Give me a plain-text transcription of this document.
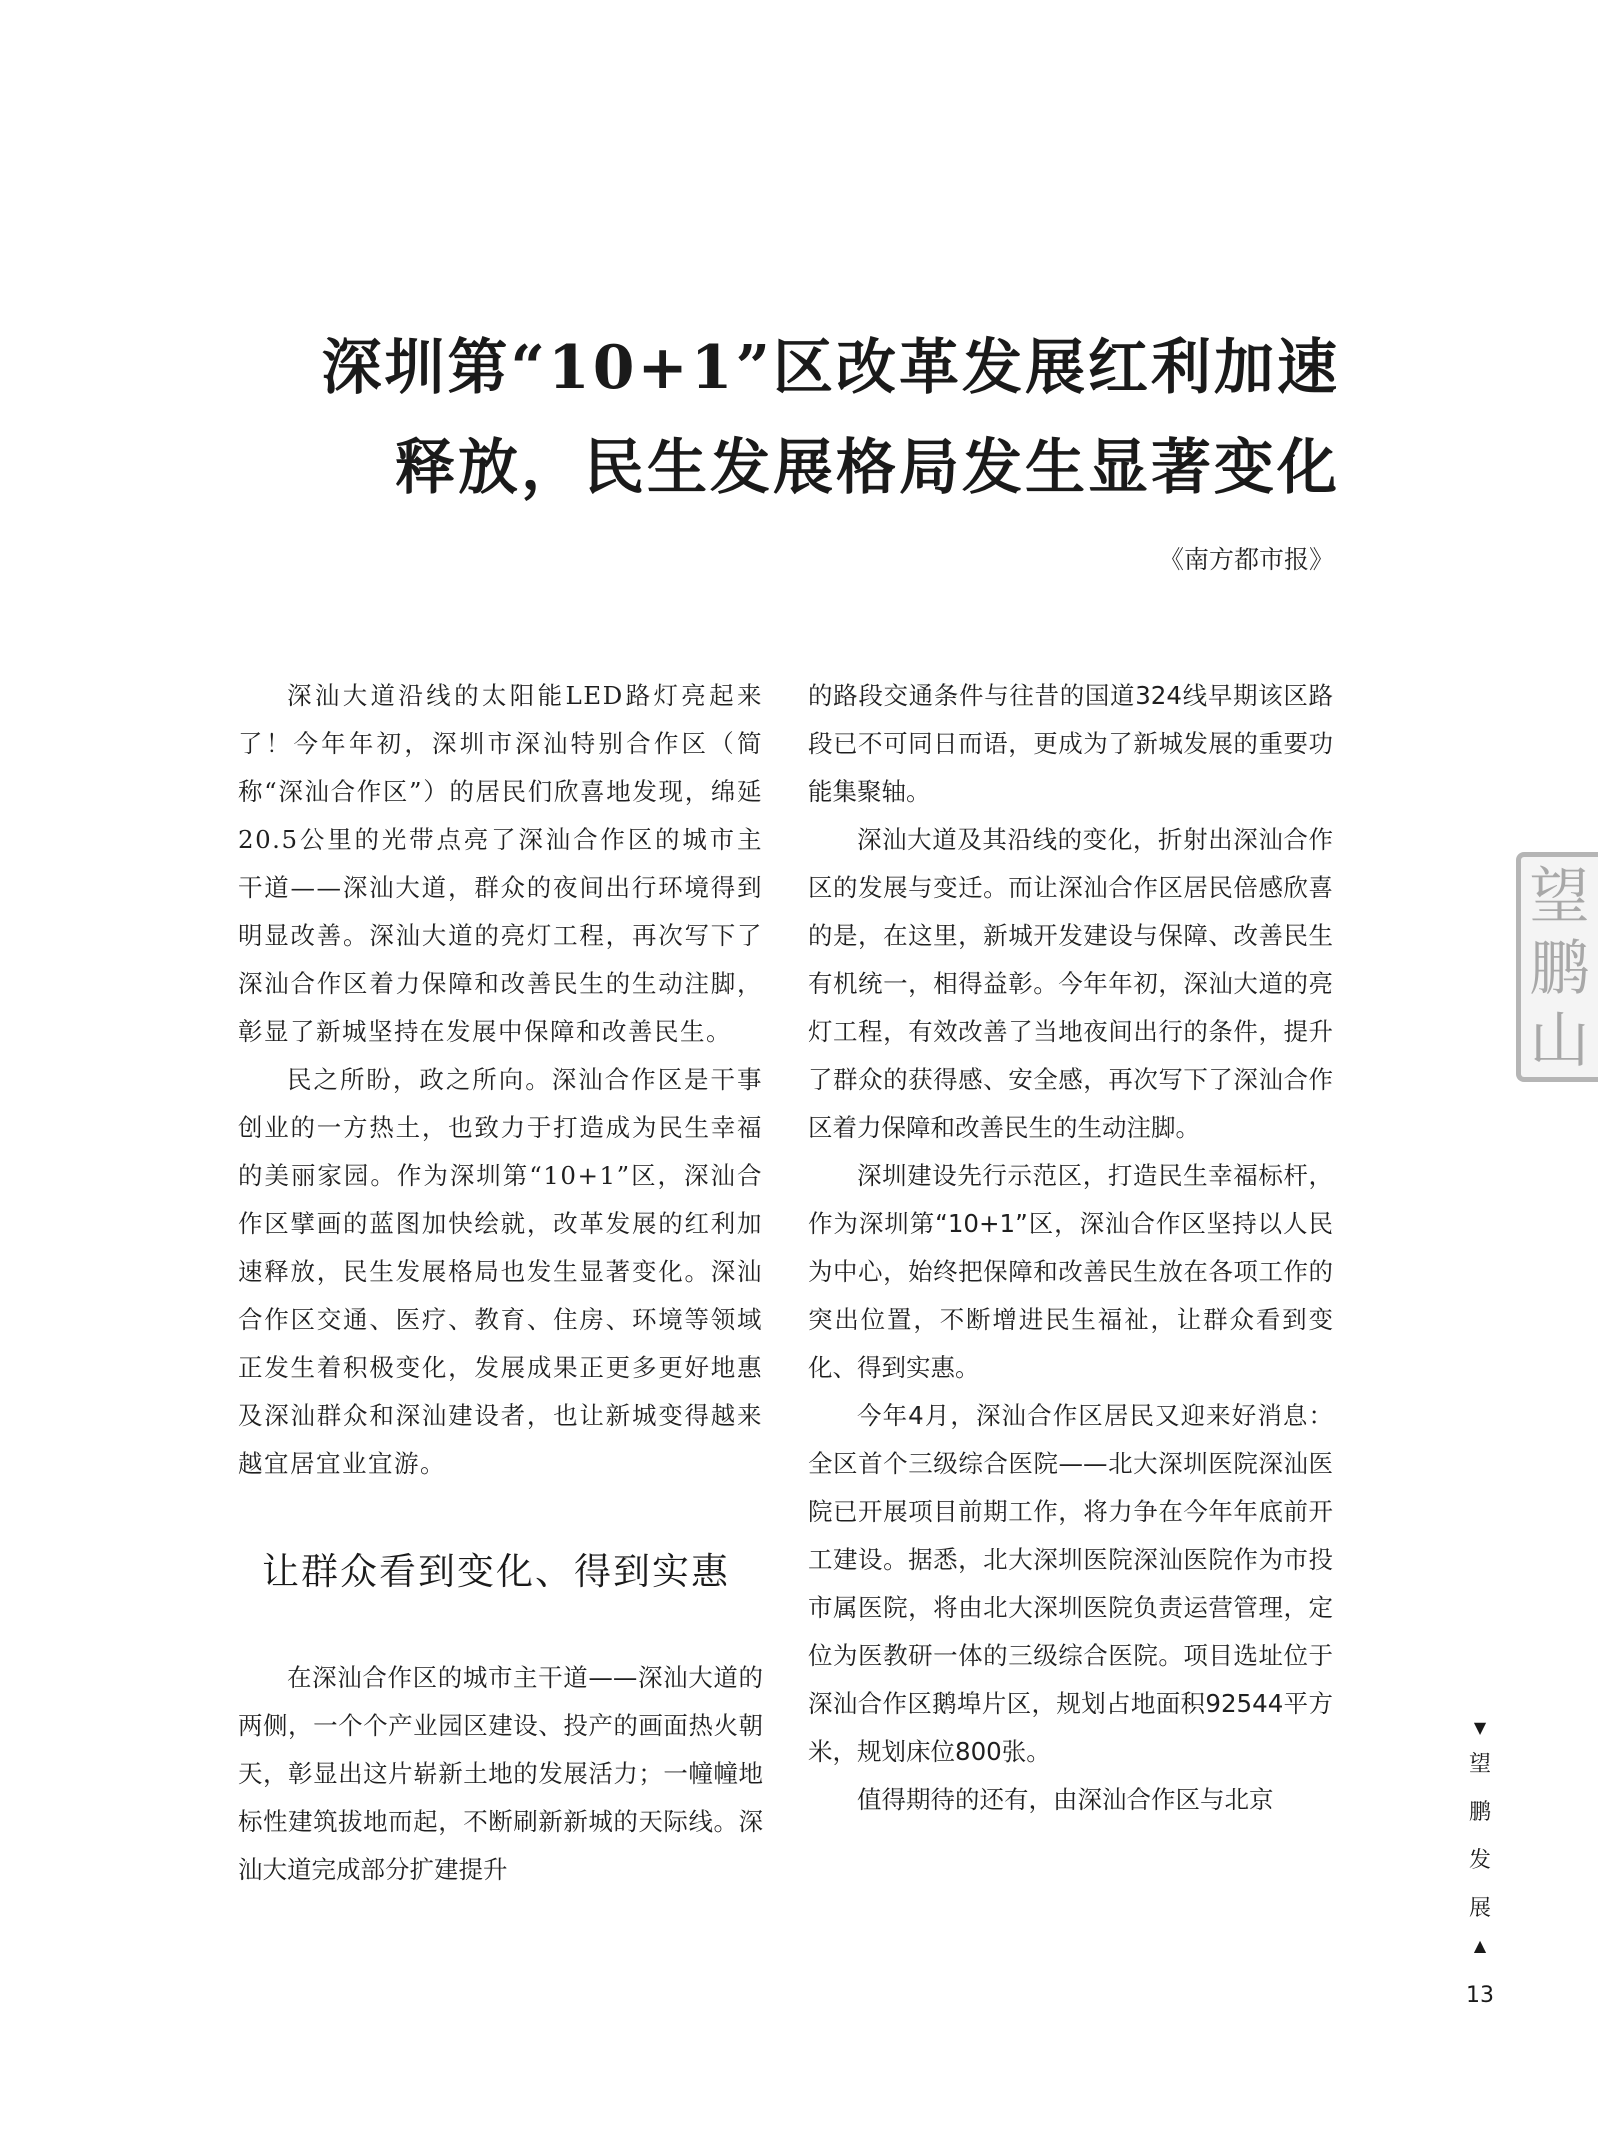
深圳第“10+1”区改革发展红利加速
释放，民生发展格局发生显著变化
《南方都市报》

深汕大道沿线的太阳能LED路灯亮起来了！今年年初，深圳市深汕特别合作区（简称“深汕合作区”）的居民们欣喜地发现，绵延20.5公里的光带点亮了深汕合作区的城市主干道——深汕大道，群众的夜间出行环境得到明显改善。深汕大道的亮灯工程，再次写下了深汕合作区着力保障和改善民生的生动注脚，彰显了新城坚持在发展中保障和改善民生。

民之所盼，政之所向。深汕合作区是干事创业的一方热土，也致力于打造成为民生幸福的美丽家园。作为深圳第“10+1”区，深汕合作区擘画的蓝图加快绘就，改革发展的红利加速释放，民生发展格局也发生显著变化。深汕合作区交通、医疗、教育、住房、环境等领域正发生着积极变化，发展成果正更多更好地惠及深汕群众和深汕建设者，也让新城变得越来越宜居宜业宜游。

让群众看到变化、得到实惠

在深汕合作区的城市主干道——深汕大道的两侧，一个个产业园区建设、投产的画面热火朝天，彰显出这片崭新土地的发展活力；一幢幢地标性建筑拔地而起，不断刷新新城的天际线。深汕大道完成部分扩建提升

的路段交通条件与往昔的国道324线早期该区路段已不可同日而语，更成为了新城发展的重要功能集聚轴。

深汕大道及其沿线的变化，折射出深汕合作区的发展与变迁。而让深汕合作区居民倍感欣喜的是，在这里，新城开发建设与保障、改善民生有机统一，相得益彰。今年年初，深汕大道的亮灯工程，有效改善了当地夜间出行的条件，提升了群众的获得感、安全感，再次写下了深汕合作区着力保障和改善民生的生动注脚。

深圳建设先行示范区，打造民生幸福标杆，作为深圳第“10+1”区，深汕合作区坚持以人民为中心，始终把保障和改善民生放在各项工作的突出位置，不断增进民生福祉，让群众看到变化、得到实惠。

今年4月，深汕合作区居民又迎来好消息：全区首个三级综合医院——北大深圳医院深汕医院已开展项目前期工作，将力争在今年年底前开工建设。据悉，北大深圳医院深汕医院作为市投市属医院，将由北大深圳医院负责运营管理，定位为医教研一体的三级综合医院。项目选址位于深汕合作区鹅埠片区，规划占地面积92544平方米，规划床位800张。

值得期待的还有，由深汕合作区与北京

望
鹏
山
▼
望
鹏
发
展
▲
13
